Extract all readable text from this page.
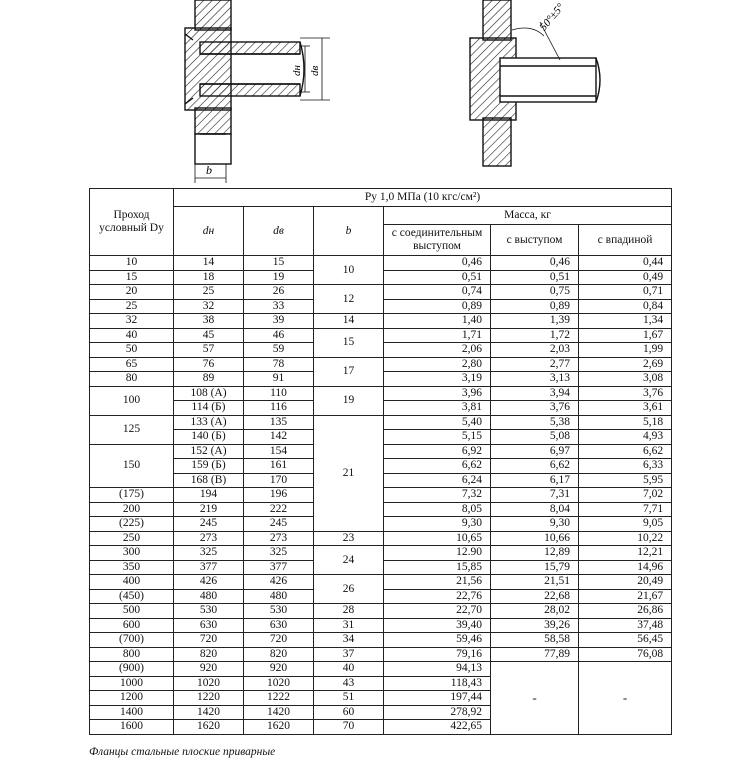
dн dв
b
50°±5°
Проход условный Dy	Py 1,0 МПа (10 кгс/см²)					
	dн	dв	b	Масса, кг		
				с соединительным выступом	с выступом	с впадиной
10	14	15	10	0,46	0,46	0,44
15	18	19		0,51	0,51	0,49
20	25	26	12	0,74	0,75	0,71
25	32	33		0,89	0,89	0,84
32	38	39	14	1,40	1,39	1,34
40	45	46	15	1,71	1,72	1,67
50	57	59		2,06	2,03	1,99
65	76	78	17	2,80	2,77	2,69
80	89	91		3,19	3,13	3,08
100	108 (А)	110	19	3,96	3,94	3,76
	114 (Б)	116		3,81	3,76	3,61
125	133 (А)	135	21	5,40	5,38	5,18
	140 (Б)	142		5,15	5,08	4,93
150	152 (А)	154		6,92	6,97	6,62
	159 (Б)	161		6,62	6,62	6,33
	168 (В)	170		6,24	6,17	5,95
(175)	194	196		7,32	7,31	7,02
200	219	222		8,05	8,04	7,71
(225)	245	245		9,30	9,30	9,05
250	273	273	23	10,65	10,66	10,22
300	325	325	24	12.90	12,89	12,21
350	377	377		15,85	15,79	14,96
400	426	426	26	21,56	21,51	20,49
(450)	480	480		22,76	22,68	21,67
500	530	530	28	22,70	28,02	26,86
600	630	630	31	39,40	39,26	37,48
(700)	720	720	34	59,46	58,58	56,45
800	820	820	37	79,16	77,89	76,08
(900)	920	920	40	94,13	-	-
1000	1020	1020	43	118,43		
1200	1220	1222	51	197,44		
1400	1420	1420	60	278,92		
1600	1620	1620	70	422,65		
Фланцы стальные плоские приварные
